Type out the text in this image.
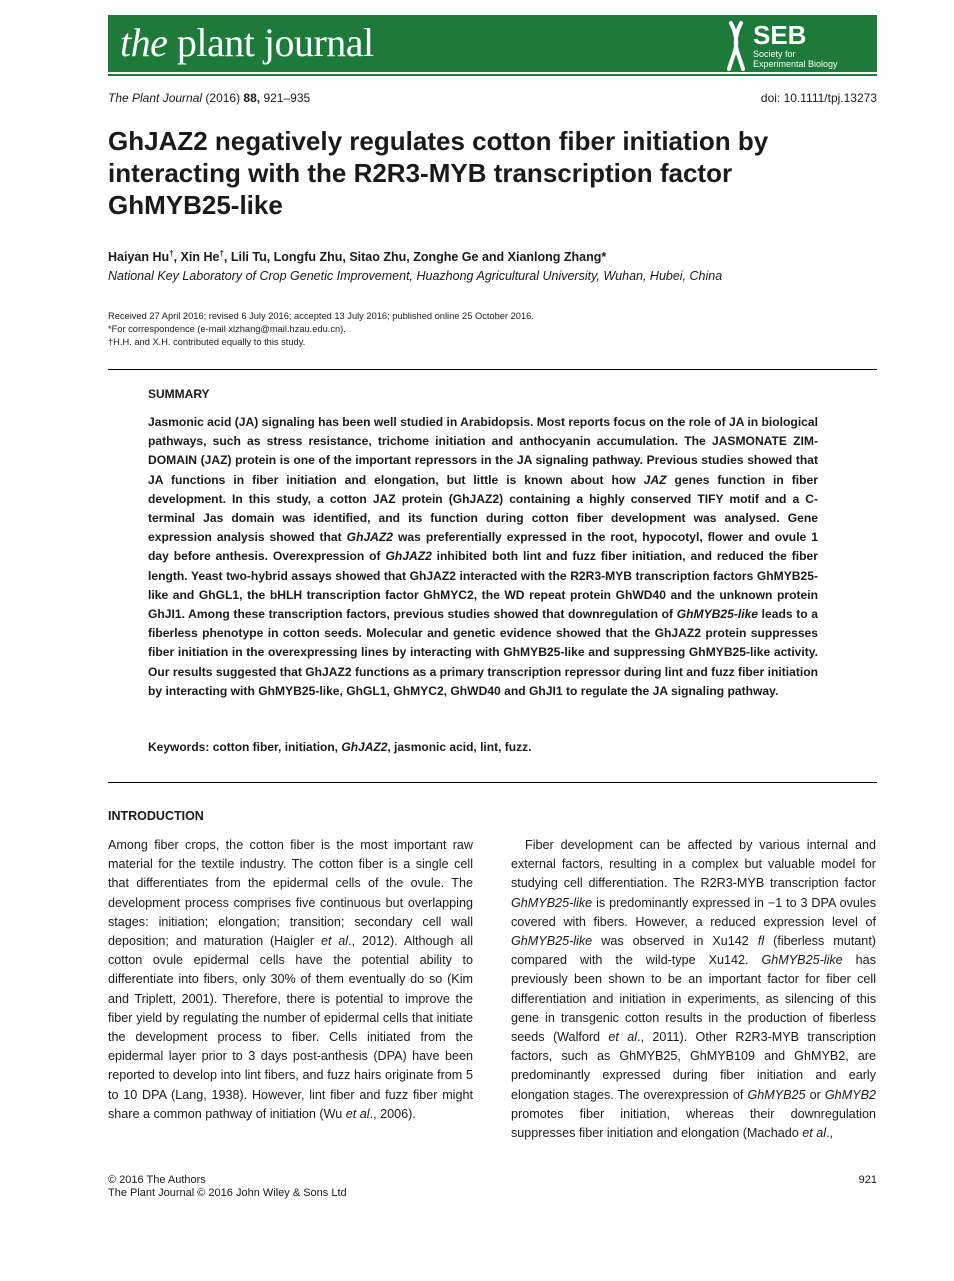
the plant journal	SEB
Society for
Experimental Biology
The Plant Journal (2016) 88, 921–935	doi: 10.1111/tpj.13273
GhJAZ2 negatively regulates cotton fiber initiation by interacting with the R2R3-MYB transcription factor GhMYB25-like
Haiyan Hu†, Xin He†, Lili Tu, Longfu Zhu, Sitao Zhu, Zonghe Ge and Xianlong Zhang*
National Key Laboratory of Crop Genetic Improvement, Huazhong Agricultural University, Wuhan, Hubei, China
Received 27 April 2016; revised 6 July 2016; accepted 13 July 2016; published online 25 October 2016.
*For correspondence (e-mail xlzhang@mail.hzau.edu.cn).
†H.H. and X.H. contributed equally to this study.
SUMMARY
Jasmonic acid (JA) signaling has been well studied in Arabidopsis. Most reports focus on the role of JA in biological pathways, such as stress resistance, trichome initiation and anthocyanin accumulation. The JASMONATE ZIM-DOMAIN (JAZ) protein is one of the important repressors in the JA signaling pathway. Previous studies showed that JA functions in fiber initiation and elongation, but little is known about how JAZ genes function in fiber development. In this study, a cotton JAZ protein (GhJAZ2) containing a highly conserved TIFY motif and a C-terminal Jas domain was identified, and its function during cotton fiber development was analysed. Gene expression analysis showed that GhJAZ2 was preferentially expressed in the root, hypocotyl, flower and ovule 1 day before anthesis. Overexpression of GhJAZ2 inhibited both lint and fuzz fiber initiation, and reduced the fiber length. Yeast two-hybrid assays showed that GhJAZ2 interacted with the R2R3-MYB transcription factors GhMYB25-like and GhGL1, the bHLH transcription factor GhMYC2, the WD repeat protein GhWD40 and the unknown protein GhJI1. Among these transcription factors, previous studies showed that downregulation of GhMYB25-like leads to a fiberless phenotype in cotton seeds. Molecular and genetic evidence showed that the GhJAZ2 protein suppresses fiber initiation in the overexpressing lines by interacting with GhMYB25-like and suppressing GhMYB25-like activity. Our results suggested that GhJAZ2 functions as a primary transcription repressor during lint and fuzz fiber initiation by interacting with GhMYB25-like, GhGL1, GhMYC2, GhWD40 and GhJI1 to regulate the JA signaling pathway.
Keywords: cotton fiber, initiation, GhJAZ2, jasmonic acid, lint, fuzz.
INTRODUCTION

Among fiber crops, the cotton fiber is the most important raw material for the textile industry. The cotton fiber is a single cell that differentiates from the epidermal cells of the ovule. The development process comprises five continuous but overlapping stages: initiation; elongation; transition; secondary cell wall deposition; and maturation (Haigler et al., 2012). Although all cotton ovule epidermal cells have the potential ability to differentiate into fibers, only 30% of them eventually do so (Kim and Triplett, 2001). Therefore, there is potential to improve the fiber yield by regulating the number of epidermal cells that initiate the development process to fiber. Cells initiated from the epidermal layer prior to 3 days post-anthesis (DPA) have been reported to develop into lint fibers, and fuzz hairs originate from 5 to 10 DPA (Lang, 1938). However, lint fiber and fuzz fiber might share a common pathway of initiation (Wu et al., 2006).

Fiber development can be affected by various internal and external factors, resulting in a complex but valuable model for studying cell differentiation. The R2R3-MYB transcription factor GhMYB25-like is predominantly expressed in −1 to 3 DPA ovules covered with fibers. However, a reduced expression level of GhMYB25-like was observed in Xu142 fl (fiberless mutant) compared with the wild-type Xu142. GhMYB25-like has previously been shown to be an important factor for fiber cell differentiation and initiation in experiments, as silencing of this gene in transgenic cotton results in the production of fiberless seeds (Walford et al., 2011). Other R2R3-MYB transcription factors, such as GhMYB25, GhMYB109 and GhMYB2, are predominantly expressed during fiber initiation and early elongation stages. The overexpression of GhMYB25 or GhMYB2 promotes fiber initiation, whereas their downregulation suppresses fiber initiation and elongation (Machado et al.,

© 2016 The Authors
The Plant Journal © 2016 John Wiley & Sons Ltd
921
